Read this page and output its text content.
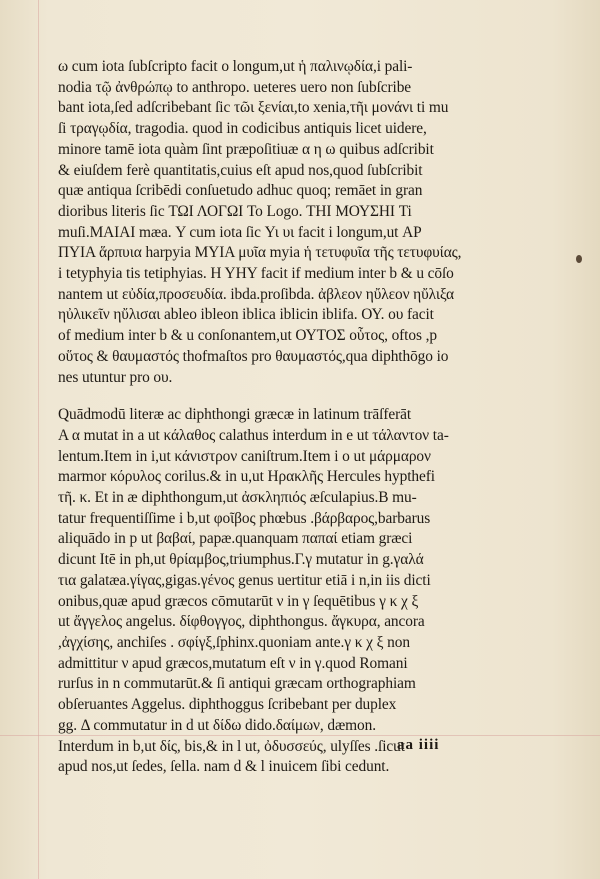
ω cum iota ſubſcripto facit o longum,ut ἡ παλινῳδία,i pali-
nodia τῷ ἀνθρώπῳ to anthropo. ueteres uero non ſubſcribe
bant iota,ſed adſcribebant ſic τῶι ξενίαι,to xenia,τῆι μονάνι ti mu
ſi τραγῳδία, tragodia. quod in codicibus antiquis licet uidere,
minore tamē iota quàm ſint præpoſitiuæ α η ω quibus adſcribit
& eiuſdem ferè quantitatis,cuius eſt apud nos,quod ſubſcribit
quæ antiqua ſcribēdi conſuetudo adhuc quoq; remāet in gran
dioribus literis ſic ΤΩΙ ΛΟΓΩΙ To Logo. ΤΗΙ ΜΟΥΣΗΙ Ti
muſi.ΜΑΙΑΙ mæa. Υ cum iota ſic Υι υι facit i longum,ut ΑΡ
ΠΥΙΑ ἅρπυια harpyia ΜΥΙΑ μυῖα myia ἡ τετυφυῖα τῆς τετυφυίας,
i tetyphyia tis tetiphyias. Η ΥΗΥ facit if medium inter b & u cōſo
nantem ut εὐδία,προσευδία. ibda.proſibda. ἀβλεον ηὔλεον ηὔλιξα
ηὐλικεῖν ηὔλισαι ableo ibleon iblica iblicin iblifa. ΟΥ. ου facit
of medium inter b & u conſonantem,ut ΟΥΤΟΣ οὗτος, oftos ,p
οὕτος & θαυμαστός thofmaſtos pro θαυμαστός,qua diphthōgo io
nes utuntur pro ου.
Quādmodū literæ ac diphthongi græcæ in latinum trāſferāt
Α α mutat in a ut κάλαθος calathus interdum in e ut τάλαντον ta-
lentum.Item in i,ut κάνιστρον caniſtrum.Item i o ut μάρμαρον
marmor κόρυλος corilus.& in u,ut Ηρακλῆς Hercules hypthefi
τῆ. κ. Et in æ diphthongum,ut ἀσκληπιός æſculapius.Β mu-
tatur frequentiſſime i b,ut φοῖβος phœbus .βάρβαρος,barbarus
aliquādo in p ut βαβαί, papæ.quanquam παπαί etiam græci
dicunt Itē in ph,ut θρίαμβος,triumphus.Γ.γ mutatur in g.γαλά
τια galatæa.γίγας,gigas.γένος genus uertitur etiā i n,in iis dicti
onibus,quæ apud græcos cōmutarūt ν in γ ſequētibus γ κ χ ξ
ut ἄγγελος angelus. δίφθογγος, diphthongus. ἄγκυρα, ancora
,ἀγχίσης, anchiſes . σφίγξ,ſphinx.quoniam ante.γ κ χ ξ non
admittitur ν apud græcos,mutatum eſt ν in γ.quod Romani
rurſus in n commutarūt.& ſi antiqui græcam orthographiam
obſeruantes Aggelus. diphthoggus ſcribebant per duplex
gg. Δ commutatur in d ut δίδω dido.δαίμων, dæmon.
Interdum in b,ut δίς, bis,& in l ut, ὀδυσσεύς, ulyſſes .ſicut
apud nos,ut ſedes, ſella. nam d & l inuicem ſibi cedunt.
aa iiii
